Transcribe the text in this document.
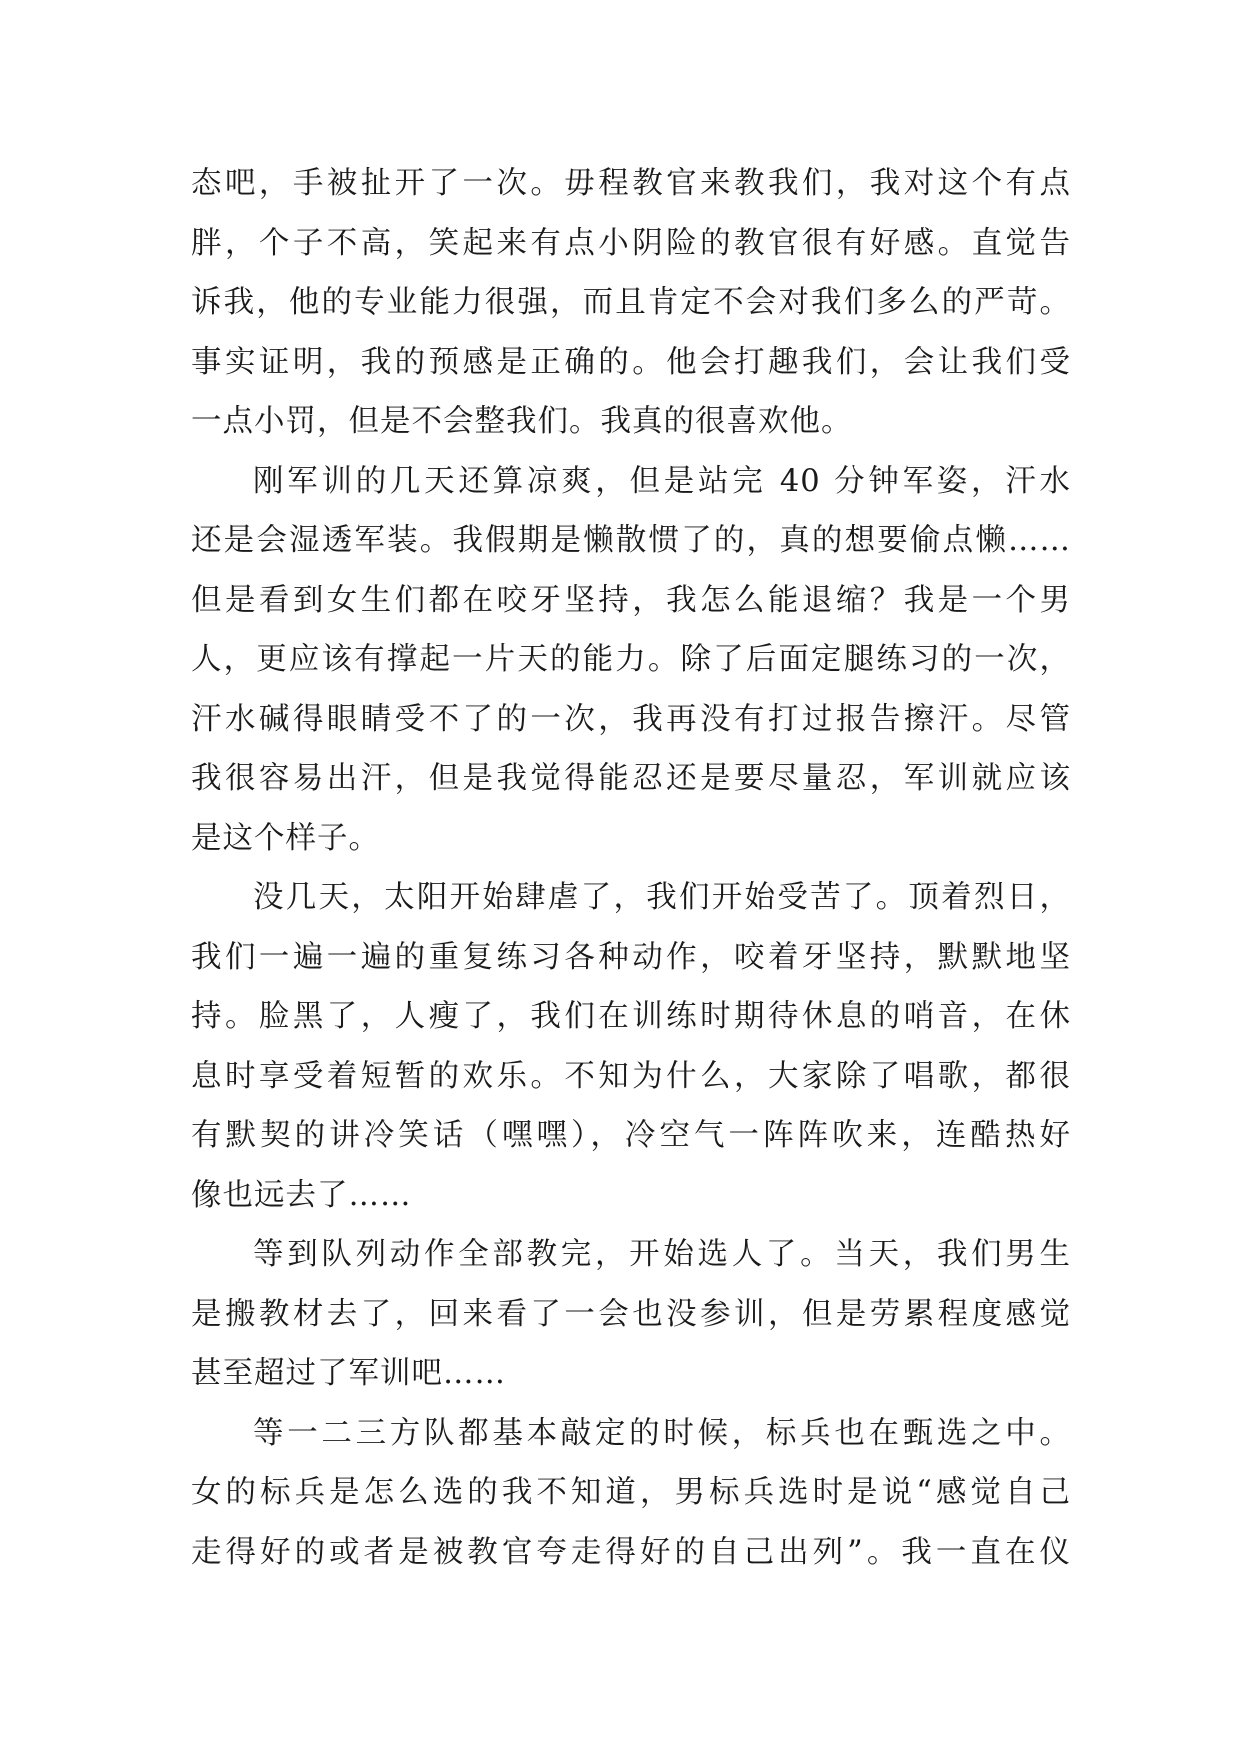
态吧，手被扯开了一次。毋程教官来教我们，我对这个有点
胖，个子不高，笑起来有点小阴险的教官很有好感。直觉告
诉我，他的专业能力很强，而且肯定不会对我们多么的严苛。
事实证明，我的预感是正确的。他会打趣我们，会让我们受
一点小罚，但是不会整我们。我真的很喜欢他。
刚军训的几天还算凉爽，但是站完 40 分钟军姿，汗水
还是会湿透军装。我假期是懒散惯了的，真的想要偷点懒……
但是看到女生们都在咬牙坚持，我怎么能退缩？我是一个男
人，更应该有撑起一片天的能力。除了后面定腿练习的一次，
汗水碱得眼睛受不了的一次，我再没有打过报告擦汗。尽管
我很容易出汗，但是我觉得能忍还是要尽量忍，军训就应该
是这个样子。
没几天，太阳开始肆虐了，我们开始受苦了。顶着烈日，
我们一遍一遍的重复练习各种动作，咬着牙坚持，默默地坚
持。脸黑了，人瘦了，我们在训练时期待休息的哨音，在休
息时享受着短暂的欢乐。不知为什么，大家除了唱歌，都很
有默契的讲冷笑话（嘿嘿），冷空气一阵阵吹来，连酷热好
像也远去了……
等到队列动作全部教完，开始选人了。当天，我们男生
是搬教材去了，回来看了一会也没参训，但是劳累程度感觉
甚至超过了军训吧……
等一二三方队都基本敲定的时候，标兵也在甄选之中。
女的标兵是怎么选的我不知道，男标兵选时是说“感觉自己
走得好的或者是被教官夸走得好的自己出列”。我一直在仪
